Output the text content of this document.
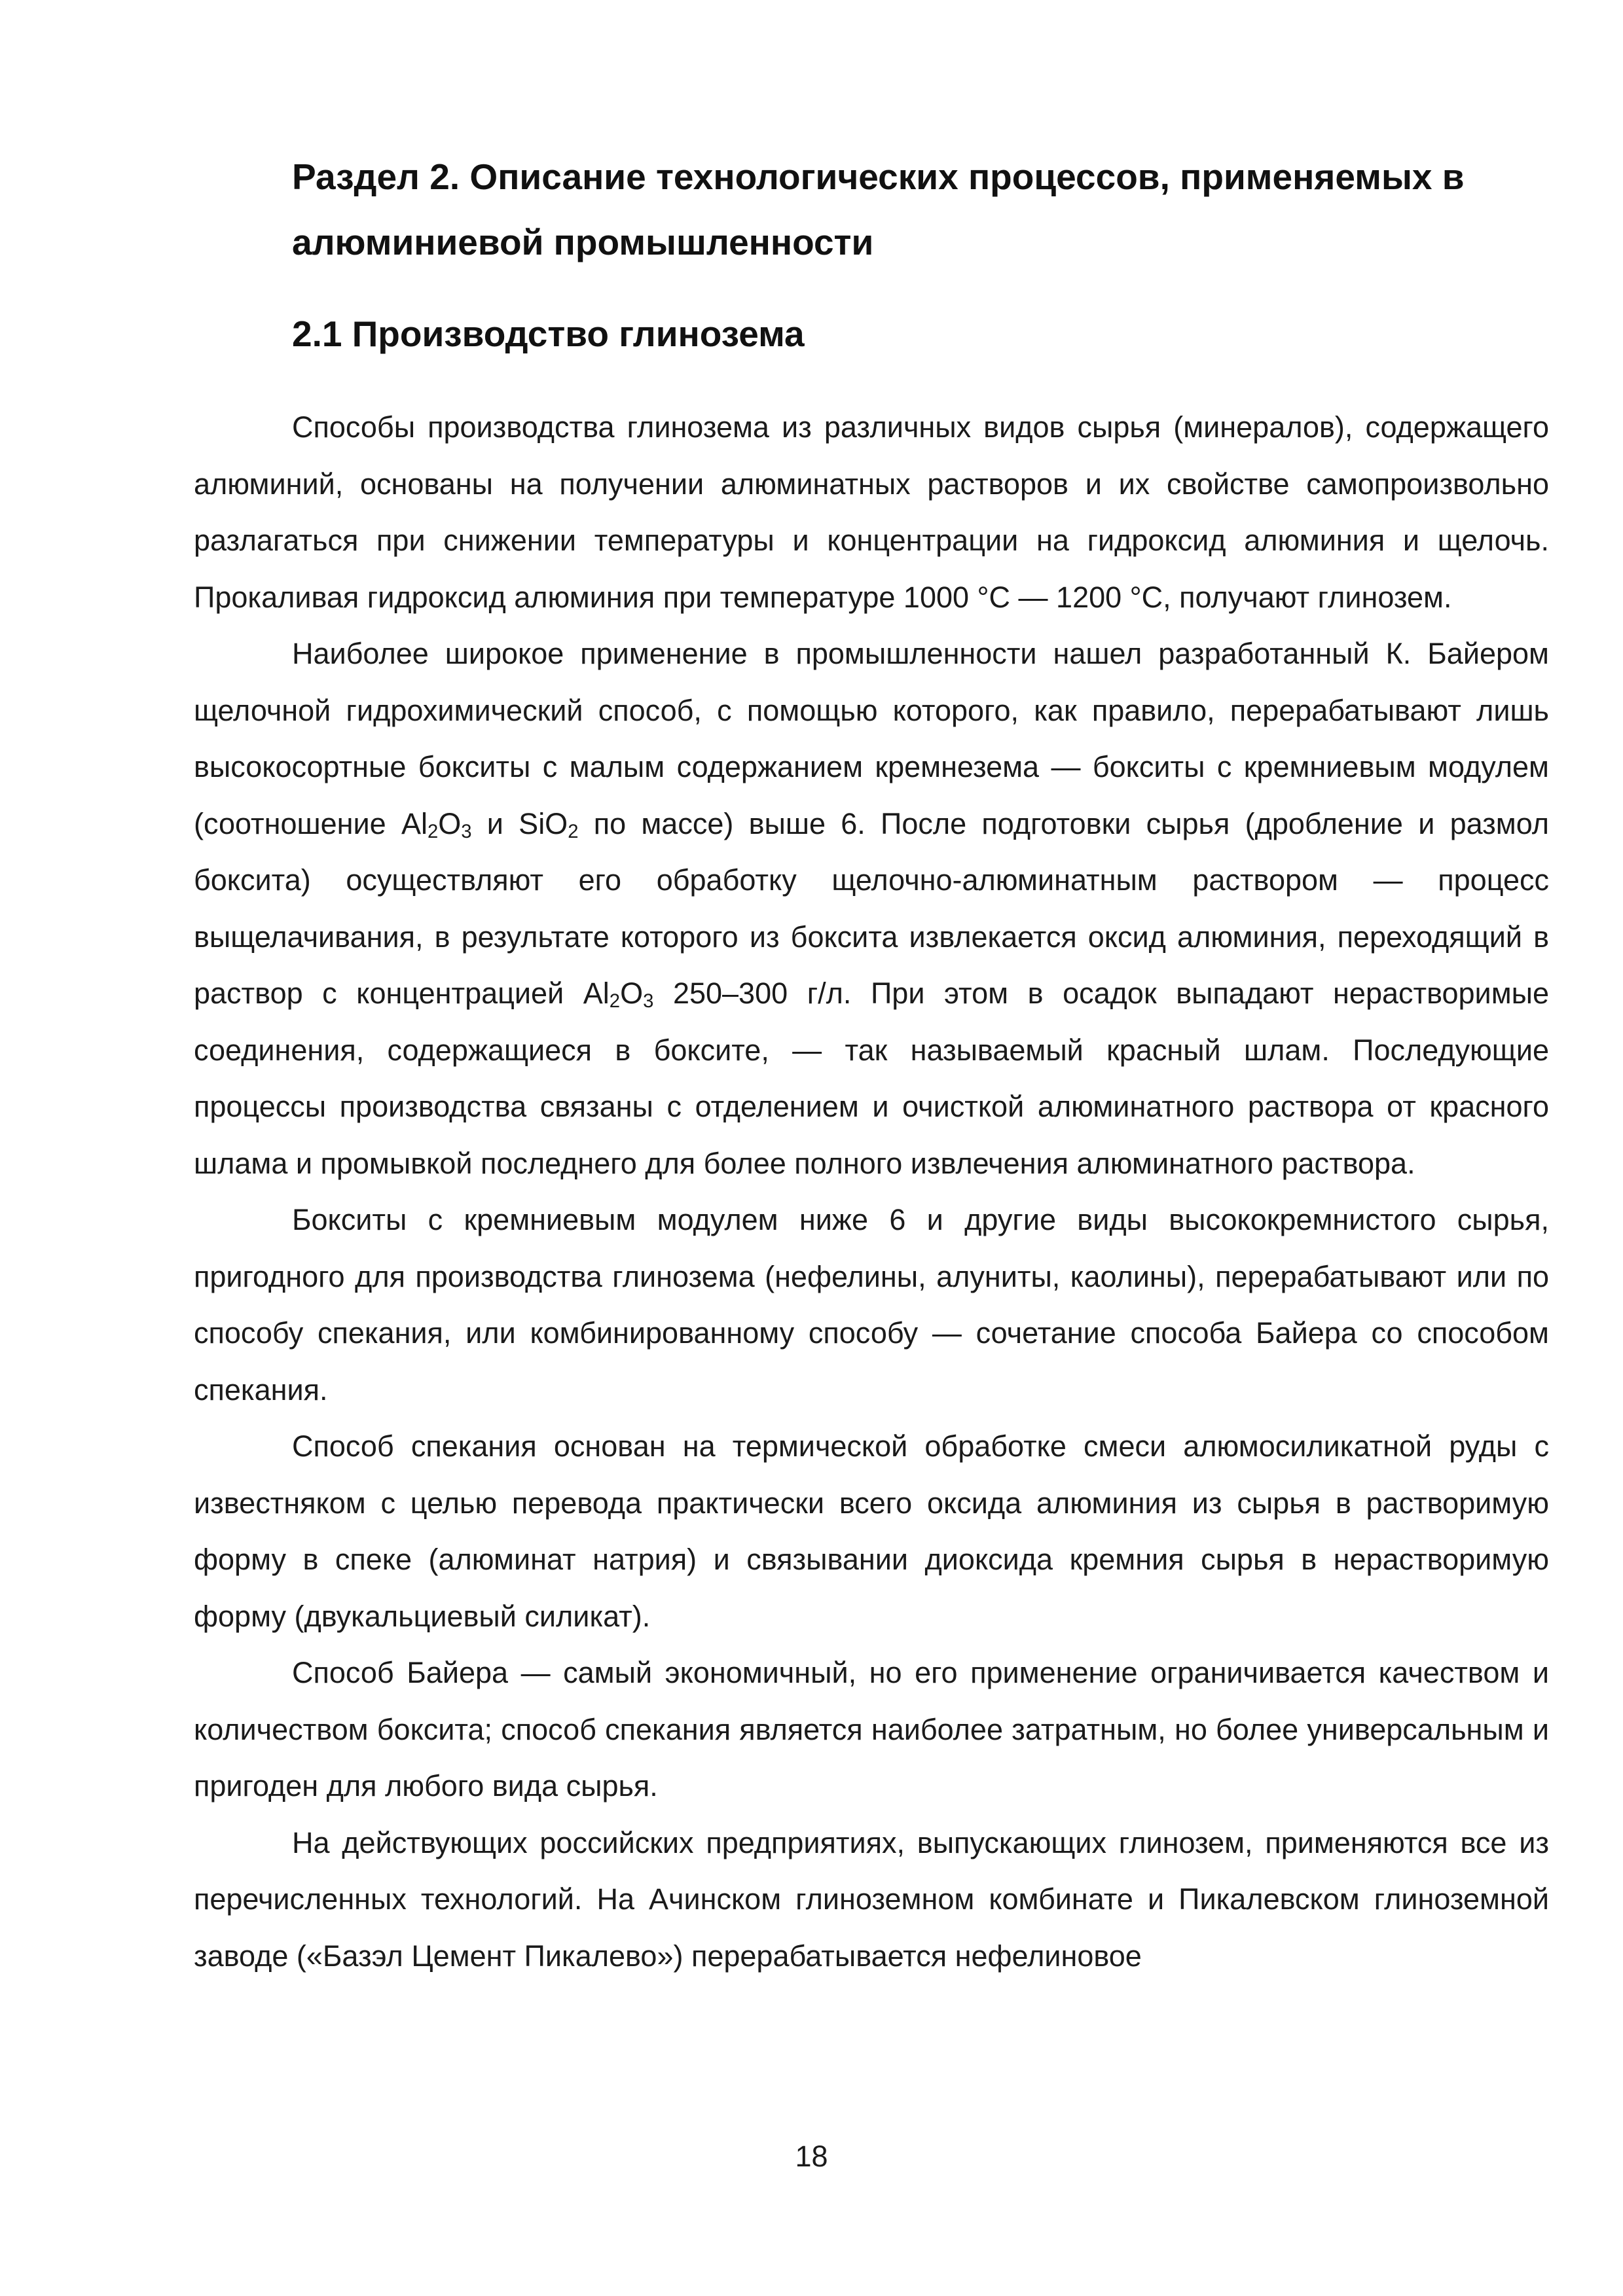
Раздел 2. Описание технологических процессов, применяемых в алюминиевой промышленности
2.1 Производство глинозема

Способы производства глинозема из различных видов сырья (минералов), содержащего алюминий, основаны на получении алюминатных растворов и их свойстве самопроизвольно разлагаться при снижении температуры и концентрации на гидроксид алюминия и щелочь. Прокаливая гидроксид алюминия при температуре 1000 °С — 1200 °С, получают глинозем.

Наиболее широкое применение в промышленности нашел разработанный К. Байером щелочной гидрохимический способ, с помощью которого, как правило, перерабатывают лишь высокосортные бокситы с малым содержанием кремнезема — бокситы с кремниевым модулем (соотношение $Al_2O_3$ и SiO$_2$ по массе) выше 6. После подготовки сырья (дробление и размол боксита) осуществляют его обработку щелочно-алюминатным раствором — процесс выщелачивания, в результате которого из боксита извлекается оксид алюминия, переходящий в раствор с концентрацией $Al_2O_3$ 250–300 г/л. При этом в осадок выпадают нерастворимые соединения, содержащиеся в боксите, — так называемый красный шлам. Последующие процессы производства связаны с отделением и очисткой алюминатного раствора от красного шлама и промывкой последнего для более полного извлечения алюминатного раствора.

Бокситы с кремниевым модулем ниже 6 и другие виды высококремнистого сырья, пригодного для производства глинозема (нефелины, алуниты, каолины), перерабатывают или по способу спекания, или комбинированному способу — сочетание способа Байера со способом спекания.

Способ спекания основан на термической обработке смеси алюмосиликатной руды с известняком с целью перевода практически всего оксида алюминия из сырья в растворимую форму в спеке (алюминат натрия) и связывании диоксида кремния сырья в нерастворимую форму (двукальциевый силикат).

Способ Байера — самый экономичный, но его применение ограничивается качеством и количеством боксита; способ спекания является наиболее затратным, но более универсальным и пригоден для любого вида сырья.

На действующих российских предприятиях, выпускающих глинозем, применяются все из перечисленных технологий. На Ачинском глиноземном комбинате и Пикалевском глиноземной заводе («Базэл Цемент Пикалево») перерабатывается нефелиновое

18
